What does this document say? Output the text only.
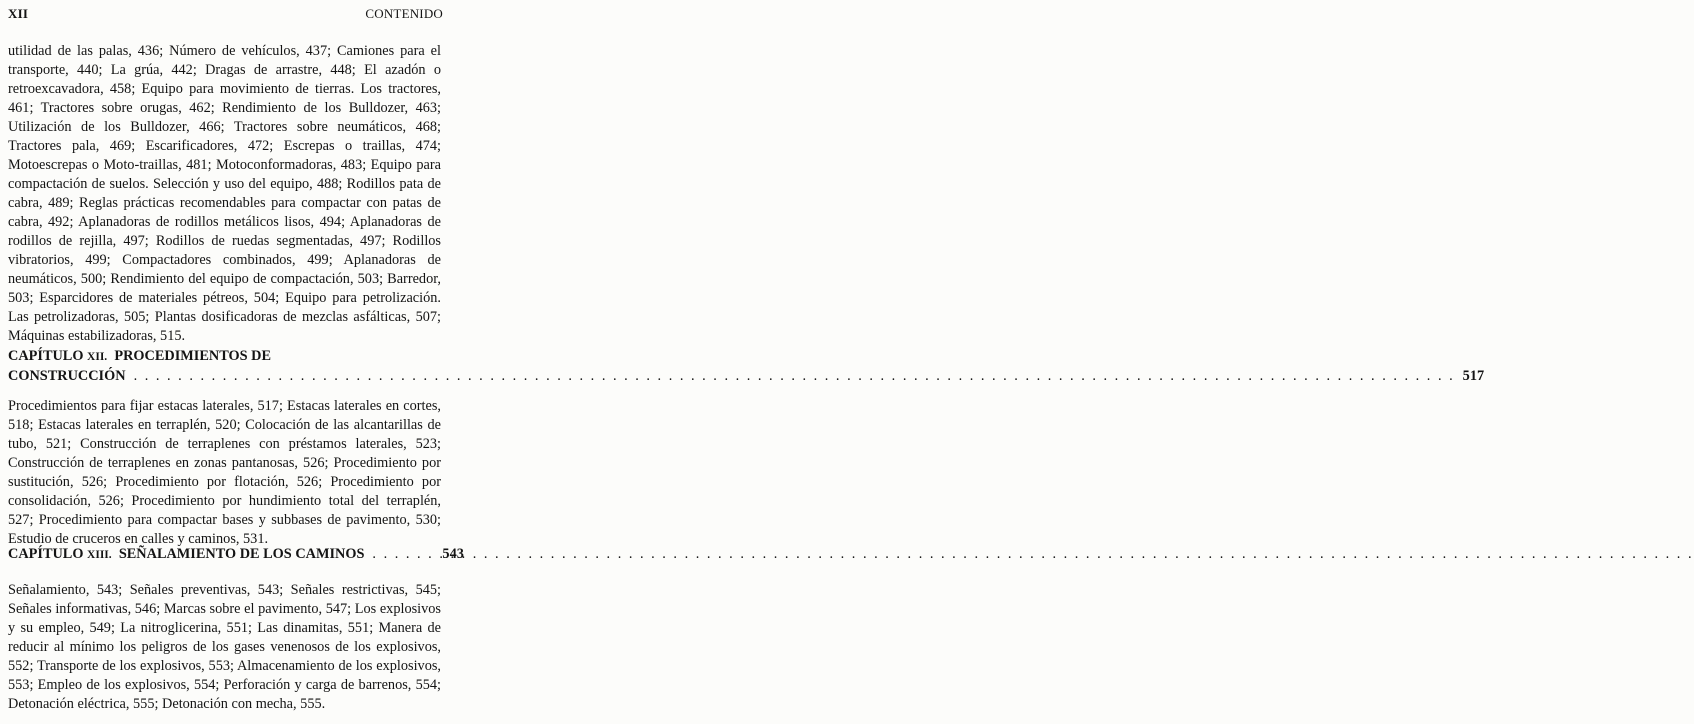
XII	CONTENIDO

utilidad de las palas, 436; Número de vehículos, 437; Camiones para el transporte, 440; La grúa, 442; Dragas de arrastre, 448; El azadón o retroexcavadora, 458; Equipo para movimiento de tierras. Los tractores, 461; Tractores sobre orugas, 462; Rendimiento de los Bulldozer, 463; Utilización de los Bulldozer, 466; Tractores sobre neumáticos, 468; Tractores pala, 469; Escarificadores, 472; Escrepas o traillas, 474; Motoescrepas o Moto-traillas, 481; Motoconformadoras, 483; Equipo para compactación de suelos. Selección y uso del equipo, 488; Rodillos pata de cabra, 489; Reglas prácticas recomendables para compactar con patas de cabra, 492; Aplanadoras de rodillos metálicos lisos, 494; Aplanadoras de rodillos de rejilla, 497; Rodillos de ruedas segmentadas, 497; Rodillos vibratorios, 499; Compactadores combinados, 499; Aplanadoras de neumáticos, 500; Rendimiento del equipo de compactación, 503; Barredor, 503; Esparcidores de materiales pétreos, 504; Equipo para petrolización. Las petrolizadoras, 505; Plantas dosificadoras de mezclas asfálticas, 507; Máquinas estabilizadoras, 515.

CAPÍTULO
XII.
PROCEDIMIENTOS DE
CONSTRUCCIÓN . . .	517

Procedimientos para fijar estacas laterales, 517; Estacas laterales en cortes, 518; Estacas laterales en terraplén, 520; Colocación de las alcantarillas de tubo, 521; Construcción de terraplenes con préstamos laterales, 523; Construcción de terraplenes en zonas pantanosas, 526; Procedimiento por sustitución, 526; Procedimiento por flotación, 526; Procedimiento por consolidación, 526; Procedimiento por hundimiento total del terraplén, 527; Procedimiento para compactar bases y subbases de pavimento, 530; Estudio de cruceros en calles y caminos, 531.

CAPÍTULO
XIII.
SEÑALAMIENTO DE LOS CAMINOS . . .	543

Señalamiento, 543; Señales preventivas, 543; Señales restrictivas, 545; Señales informativas, 546; Marcas sobre el pavimento, 547; Los explosivos y su empleo, 549; La nitroglicerina, 551; Las dinamitas, 551; Manera de reducir al mínimo los peligros de los gases venenosos de los explosivos, 552; Transporte de los explosivos, 553; Almacenamiento de los explosivos, 553; Empleo de los explosivos, 554; Perforación y carga de barrenos, 554; Detonación eléctrica, 555; Detonación con mecha, 555.
